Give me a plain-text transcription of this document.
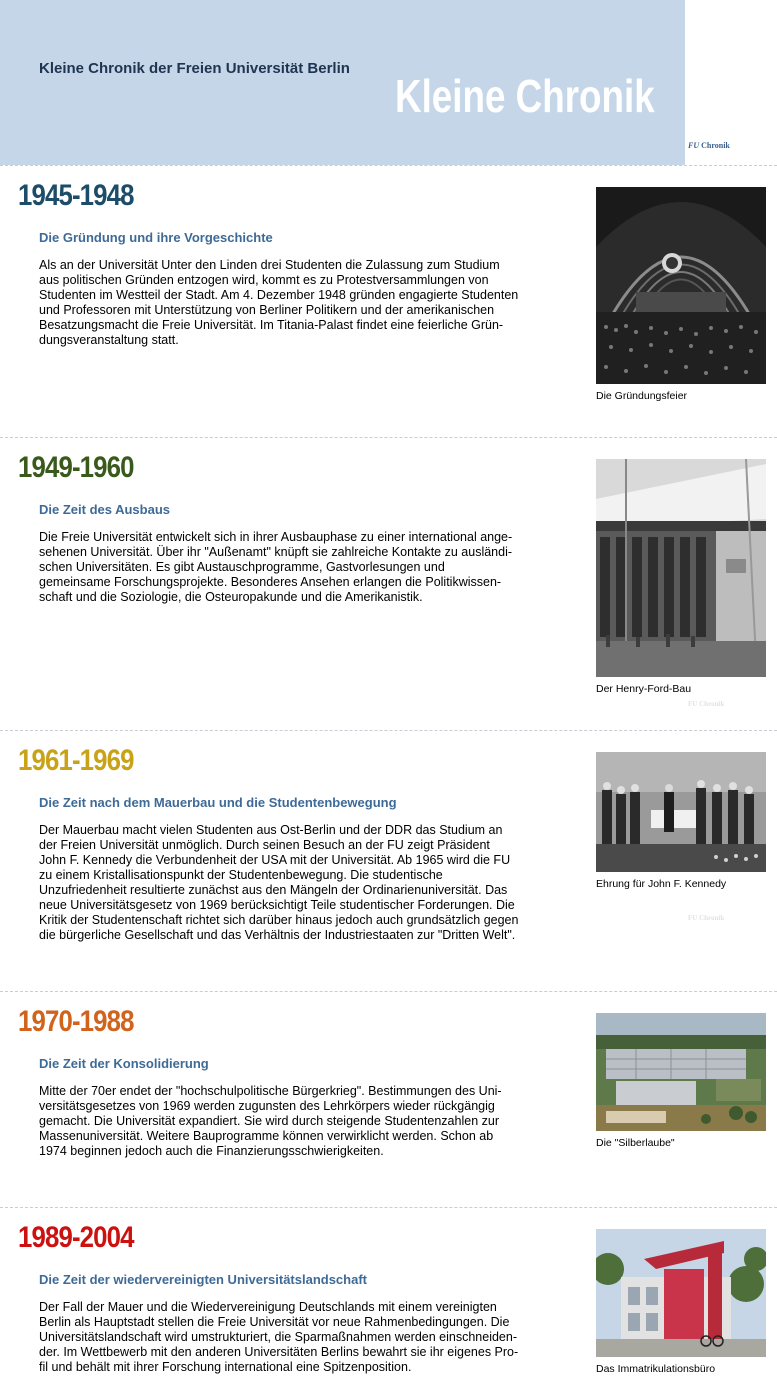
Kleine Chronik der Freien Universität Berlin
Kleine Chronik
FU Chronik
1945-1948
Die Gründung und ihre Vorgeschichte
Als an der Universität Unter den Linden drei Studenten die Zulassung zum Studium
aus politischen Gründen entzogen wird, kommt es zu Protestversammlungen von
Studenten im Westteil der Stadt. Am 4. Dezember 1948 gründen engagierte Studenten
und Professoren mit Unterstützung von Berliner Politikern und der amerikanischen
Besatzungsmacht die Freie Universität. Im Titania-Palast findet eine feierliche Grün-
dungsveranstaltung statt.
Die Gründungsfeier
1949-1960
Die Zeit des Ausbaus
Die Freie Universität entwickelt sich in ihrer Ausbauphase zu einer international ange-
sehenen Universität. Über ihr "Außenamt" knüpft sie zahlreiche Kontakte zu ausländi-
schen Universitäten. Es gibt Austauschprogramme, Gastvorlesungen und
gemeinsame Forschungsprojekte. Besonderes Ansehen erlangen die Politikwissen-
schaft und die Soziologie, die Osteuropakunde und die Amerikanistik.
Der Henry-Ford-Bau
FU Chronik
1961-1969
Die Zeit nach dem Mauerbau und die Studentenbewegung
Der Mauerbau macht vielen Studenten aus Ost-Berlin und der DDR das Studium an
der Freien Universität unmöglich. Durch seinen Besuch an der FU zeigt Präsident
John F. Kennedy die Verbundenheit der USA mit der Universität. Ab 1965 wird die FU
zu einem Kristallisationspunkt der Studentenbewegung. Die studentische
Unzufriedenheit resultierte zunächst aus den Mängeln der Ordinarienuniversität. Das
neue Universitätsgesetz von 1969 berücksichtigt Teile studentischer Forderungen. Die
Kritik der Studentenschaft richtet sich darüber hinaus jedoch auch grundsätzlich gegen
die bürgerliche Gesellschaft und das Verhältnis der Industriestaaten zur "Dritten Welt".
Ehrung für John F. Kennedy
FU Chronik
1970-1988
Die Zeit der Konsolidierung
Mitte der 70er endet der "hochschulpolitische Bürgerkrieg". Bestimmungen des Uni-
versitätsgesetzes von 1969 werden zugunsten des Lehrkörpers wieder rückgängig
gemacht. Die Universität expandiert. Sie wird durch steigende Studentenzahlen zur
Massenuniversität. Weitere Bauprogramme können verwirklicht werden. Schon ab
1974 beginnen jedoch auch die Finanzierungsschwierigkeiten.
Die "Silberlaube"
1989-2004
Die Zeit der wiedervereinigten Universitätslandschaft
Der Fall der Mauer und die Wiedervereinigung Deutschlands mit einem vereinigten
Berlin als Hauptstadt stellen die Freie Universität vor neue Rahmenbedingungen. Die
Universitätslandschaft wird umstrukturiert, die Sparmaßnahmen werden einschneiden-
der. Im Wettbewerb mit den anderen Universitäten Berlins bewahrt sie ihr eigenes Pro-
fil und behält mit ihrer Forschung international eine Spitzenposition.	Das Immatrikulationsbüro
